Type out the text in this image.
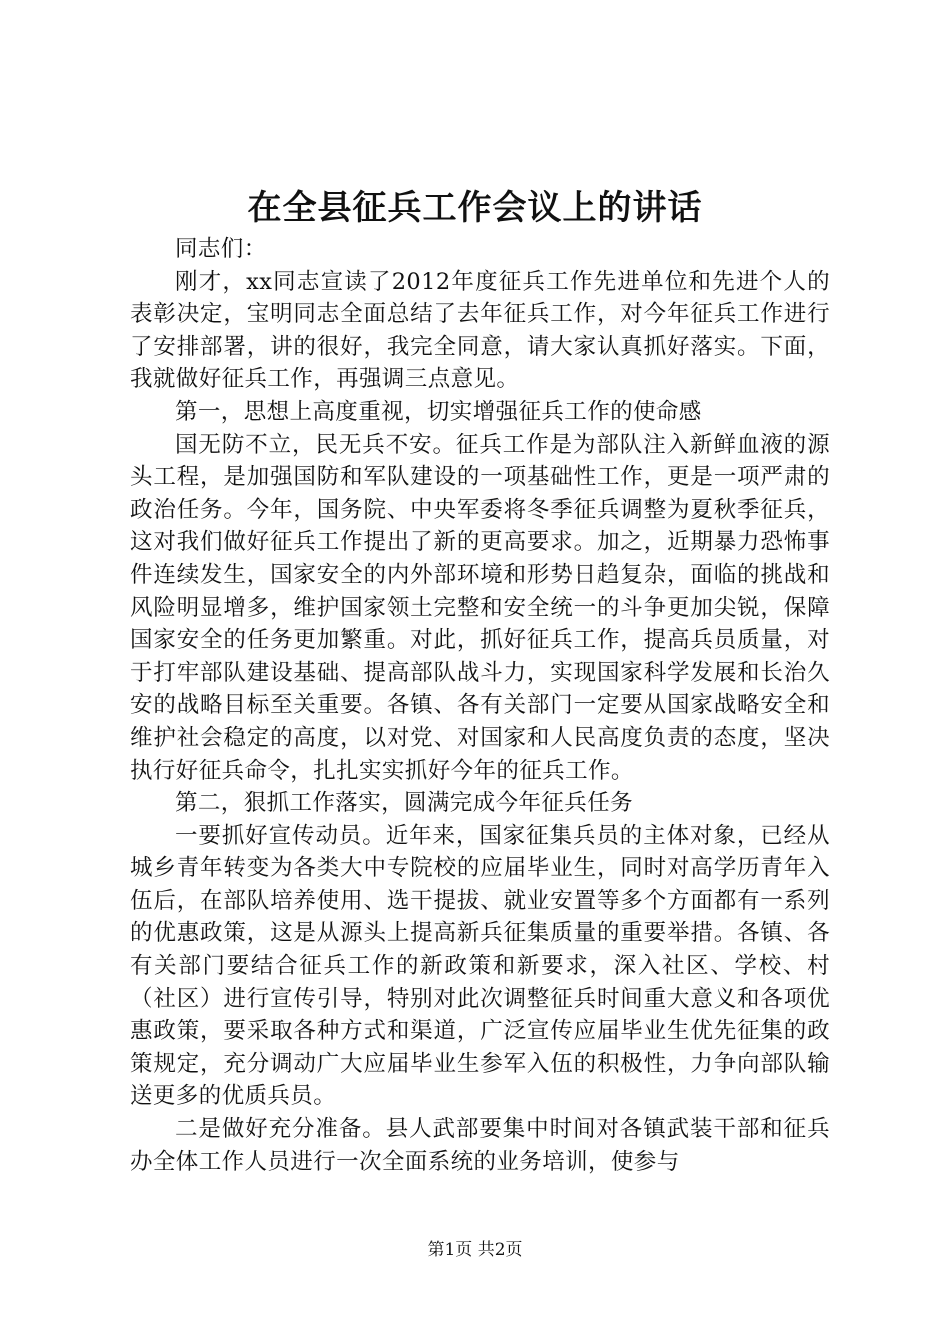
在全县征兵工作会议上的讲话

同志们：

刚才，xx同志宣读了2012年度征兵工作先进单位和先进个人的表彰决定，宝明同志全面总结了去年征兵工作，对今年征兵工作进行了安排部署，讲的很好，我完全同意，请大家认真抓好落实。下面，我就做好征兵工作，再强调三点意见。

第一，思想上高度重视，切实增强征兵工作的使命感

国无防不立，民无兵不安。征兵工作是为部队注入新鲜血液的源头工程，是加强国防和军队建设的一项基础性工作，更是一项严肃的政治任务。今年，国务院、中央军委将冬季征兵调整为夏秋季征兵，这对我们做好征兵工作提出了新的更高要求。加之，近期暴力恐怖事件连续发生，国家安全的内外部环境和形势日趋复杂，面临的挑战和风险明显增多，维护国家领土完整和安全统一的斗争更加尖锐，保障国家安全的任务更加繁重。对此，抓好征兵工作，提高兵员质量，对于打牢部队建设基础、提高部队战斗力，实现国家科学发展和长治久安的战略目标至关重要。各镇、各有关部门一定要从国家战略安全和维护社会稳定的高度，以对党、对国家和人民高度负责的态度，坚决执行好征兵命令，扎扎实实抓好今年的征兵工作。

第二，狠抓工作落实，圆满完成今年征兵任务

一要抓好宣传动员。近年来，国家征集兵员的主体对象，已经从城乡青年转变为各类大中专院校的应届毕业生，同时对高学历青年入伍后，在部队培养使用、选干提拔、就业安置等多个方面都有一系列的优惠政策，这是从源头上提高新兵征集质量的重要举措。各镇、各有关部门要结合征兵工作的新政策和新要求，深入社区、学校、村（社区）进行宣传引导，特别对此次调整征兵时间重大意义和各项优惠政策，要采取各种方式和渠道，广泛宣传应届毕业生优先征集的政策规定，充分调动广大应届毕业生参军入伍的积极性，力争向部队输送更多的优质兵员。

二是做好充分准备。县人武部要集中时间对各镇武装干部和征兵办全体工作人员进行一次全面系统的业务培训，使参与

第1页 共2页
